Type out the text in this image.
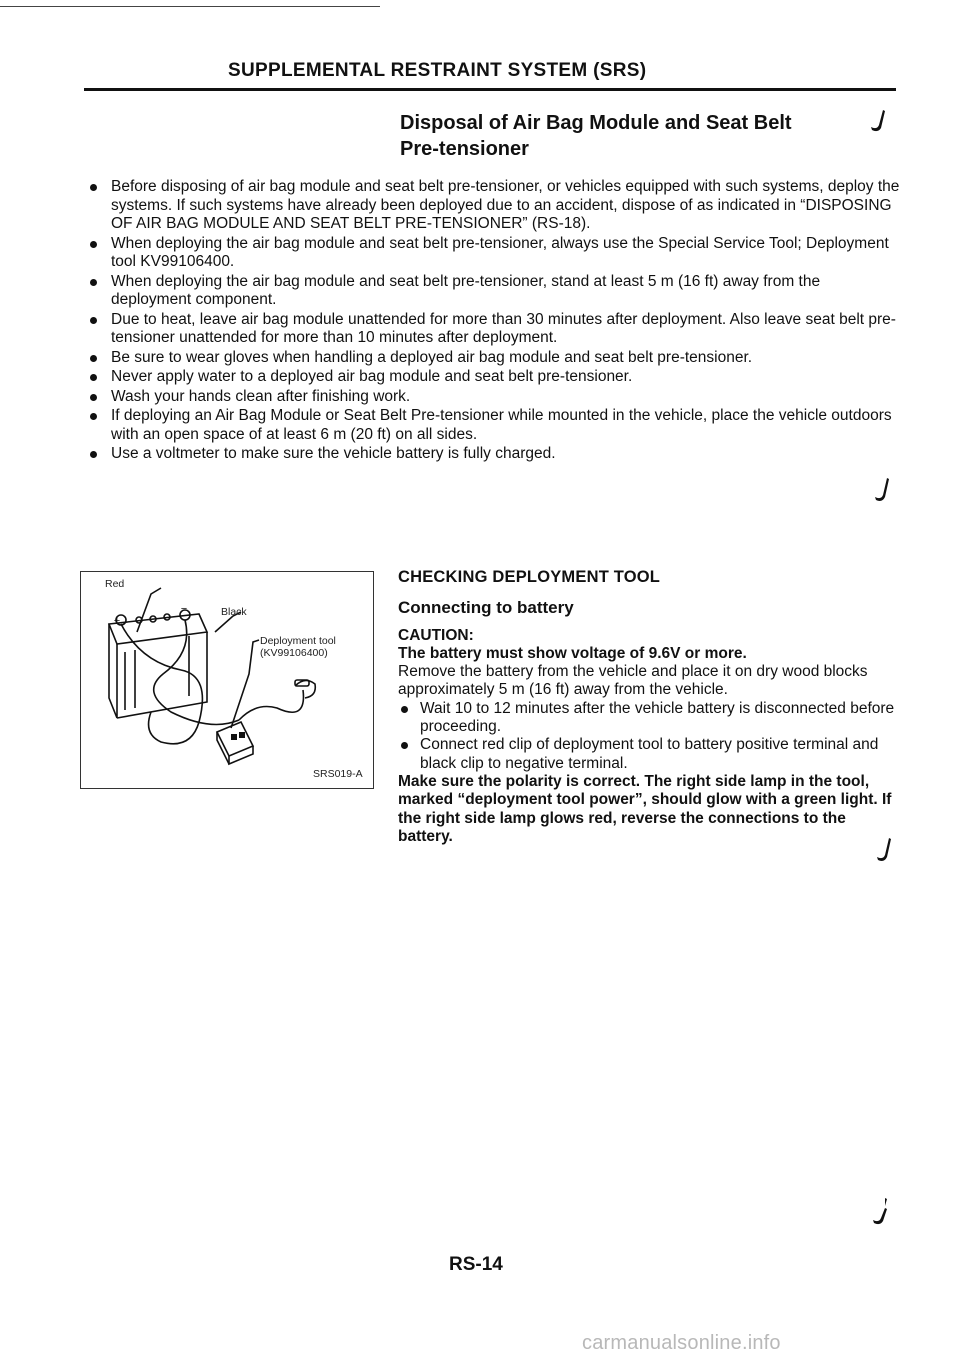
SUPPLEMENTAL RESTRAINT SYSTEM (SRS)
Disposal of Air Bag Module and Seat Belt
Pre-tensioner
Before disposing of air bag module and seat belt pre-tensioner, or vehicles equipped with such systems, deploy the systems. If such systems have already been deployed due to an accident, dispose of as indicated in “DISPOSING OF AIR BAG MODULE AND SEAT BELT PRE-TENSIONER” (RS-18).
When deploying the air bag module and seat belt pre-tensioner, always use the Special Service Tool; Deployment tool KV99106400.
When deploying the air bag module and seat belt pre-tensioner, stand at least 5 m (16 ft) away from the deployment component.
Due to heat, leave air bag module unattended for more than 30 minutes after deployment. Also leave seat belt pre-tensioner unattended for more than 10 minutes after deployment.
Be sure to wear gloves when handling a deployed air bag module and seat belt pre-tensioner.
Never apply water to a deployed air bag module and seat belt pre-tensioner.
Wash your hands clean after finishing work.
If deploying an Air Bag Module or Seat Belt Pre-tensioner while mounted in the vehicle, place the vehicle outdoors with an open space of at least 6 m (20 ft) on all sides.
Use a voltmeter to make sure the vehicle battery is fully charged.
+
−
Red
Black
Deployment tool
(KV99106400)
SRS019-A
CHECKING DEPLOYMENT TOOL
Connecting to battery
CAUTION:
The battery must show voltage of 9.6V or more.
Remove the battery from the vehicle and place it on dry wood blocks approximately 5 m (16 ft) away from the vehicle.
Wait 10 to 12 minutes after the vehicle battery is disconnected before proceeding.
Connect red clip of deployment tool to battery positive terminal and black clip to negative terminal.
Make sure the polarity is correct. The right side lamp in the tool, marked “deployment tool power”, should glow with a green light. If the right side lamp glows red, reverse the connections to the battery.
RS-14
carmanualsonline.info
